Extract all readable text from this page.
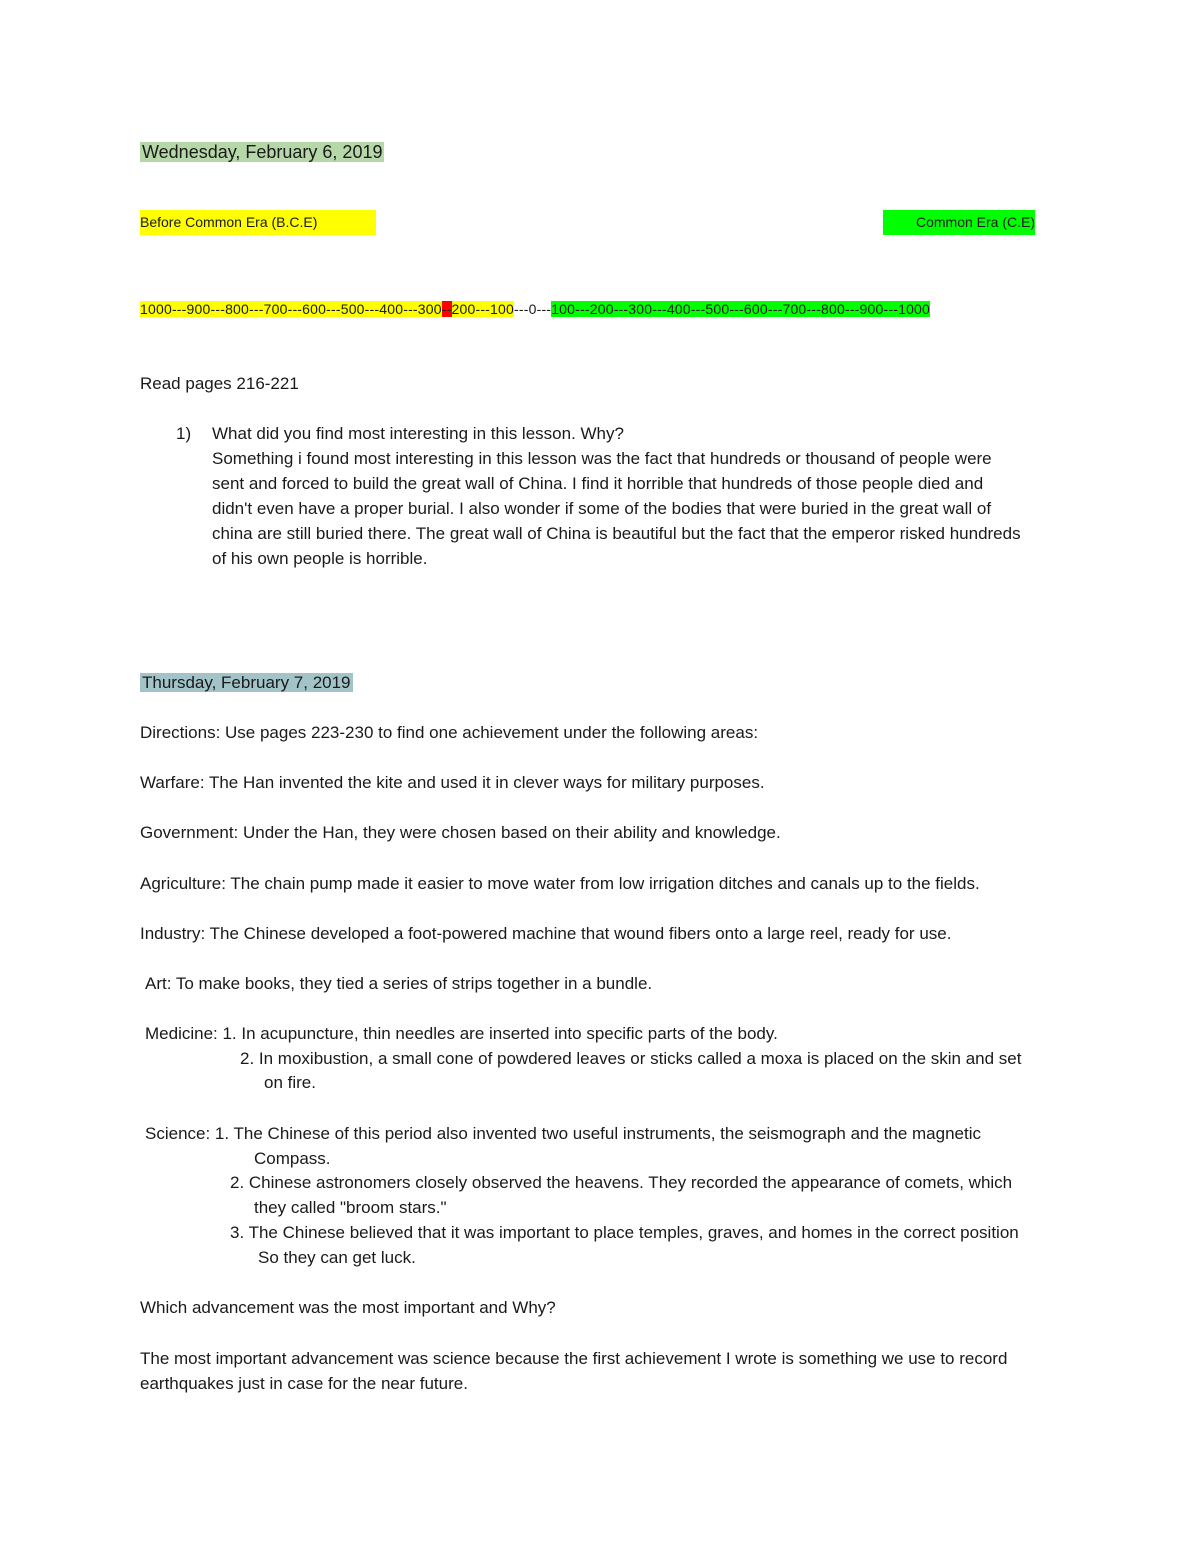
Wednesday, February 6, 2019
Before Common Era (B.C.E)	Common Era (C.E)
1000---900---800---700---600---500---400---300--200---100---0---100---200---300---400---500---600---700---800---900---1000
Read pages 216-221
1) What did you find most interesting in this lesson. Why?
Something i found most interesting in this lesson was the fact that hundreds or thousand of people were
sent and forced to build the great wall of China. I find it horrible that hundreds of those people died and
didn't even have a proper burial. I also wonder if some of the bodies that were buried in the great wall of
china are still buried there. The great wall of China is beautiful but the fact that the emperor risked hundreds
of his own people is horrible.
Thursday, February 7, 2019
Directions: Use pages 223-230 to find one achievement under the following areas:
Warfare: The Han invented the kite and used it in clever ways for military purposes.
Government: Under the Han, they were chosen based on their ability and knowledge.
Agriculture: The chain pump made it easier to move water from low irrigation ditches and canals up to the fields.
Industry: The Chinese developed a foot-powered machine that wound fibers onto a large reel, ready for use.
Art: To make books, they tied a series of strips together in a bundle.
Medicine: 1. In acupuncture, thin needles are inserted into specific parts of the body.
2. In moxibustion, a small cone of powdered leaves or sticks called a moxa is placed on the skin and set
on fire.
Science: 1. The Chinese of this period also invented two useful instruments, the seismograph and the magnetic
Compass.
2. Chinese astronomers closely observed the heavens. They recorded the appearance of comets, which
they called "broom stars."
3. The Chinese believed that it was important to place temples, graves, and homes in the correct position
So they can get luck.
Which advancement was the most important and Why?
The most important advancement was science because the first achievement I wrote is something we use to record
earthquakes just in case for the near future.
